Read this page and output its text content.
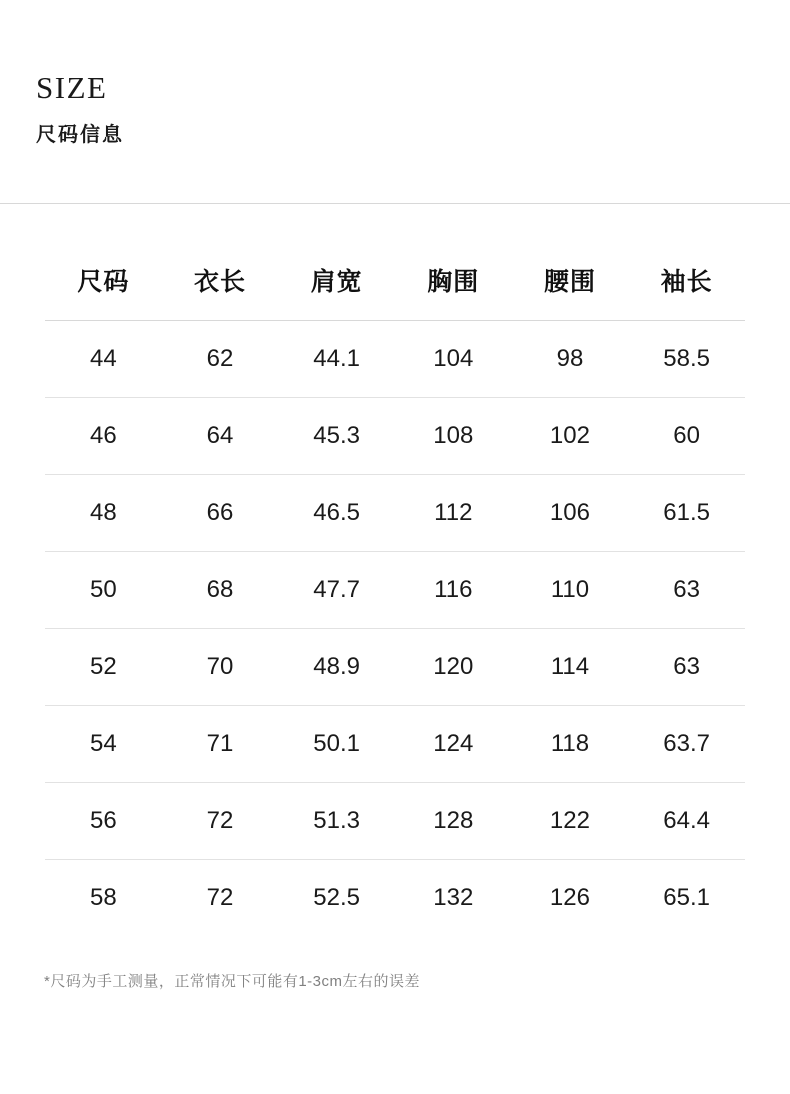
SIZE
尺码信息
尺码	衣长	肩宽	胸围	腰围	袖长
44	62	44.1	104	98	58.5
46	64	45.3	108	102	60
48	66	46.5	112	106	61.5
50	68	47.7	116	110	63
52	70	48.9	120	114	63
54	71	50.1	124	118	63.7
56	72	51.3	128	122	64.4
58	72	52.5	132	126	65.1
*尺码为手工测量，正常情况下可能有1-3cm左右的误差
